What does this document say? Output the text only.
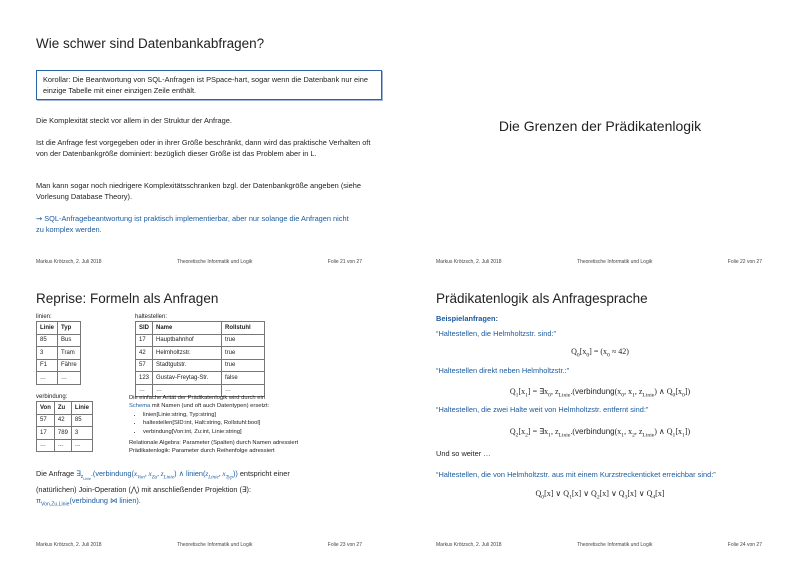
Wie schwer sind Datenbankabfragen?
Korollar: Die Beantwortung von SQL-Anfragen ist PSpace-hart, sogar wenn die Datenbank nur eine einzige Tabelle mit einer einzigen Zeile enthält.
Die Komplexität steckt vor allem in der Struktur der Anfrage.
Ist die Anfrage fest vorgegeben oder in ihrer Größe beschränkt, dann wird das praktische Verhalten oft von der Datenbankgröße dominiert: bezüglich dieser Größe ist das Problem aber in L.
Man kann sogar noch niedrigere Komplexitätsschranken bzgl. der Datenbankgröße angeben (siehe Vorlesung Database Theory).
⇝ SQL-Anfragebeantwortung ist praktisch implementierbar, aber nur solange die Anfragen nicht zu komplex werden.
Markus Krötzsch, 2. Juli 2018	Theoretische Informatik und Logik	Folie 21 von 27
Die Grenzen der Prädikatenlogik
Markus Krötzsch, 2. Juli 2018	Theoretische Informatik und Logik	Folie 22 von 27
Reprise: Formeln als Anfragen
linien:
Linie	Typ
85	Bus
3	Tram
F1	Fähre
…	…
haltestellen:
SID	Name	Rollstuhl
17	Hauptbahnhof	true
42	Helmholtzstr.	true
57	Stadtgutstr.	true
123	Gustav-Freytag-Str.	false
…	…	…
verbindung:
Von	Zu	Linie
57	42	85
17	789	3
…	…	…
Die einfache Arität der Prädikatenlogik wird durch ein
Schema mit Namen (und oft auch Datentypen) ersetzt:
• linien[Linie:string, Typ:string]
• haltestellen[SID:int, Halt:string, Rollstuhl:bool]
• verbindung[Von:int, Zu:int, Linie:string]
Relationale Algebra: Parameter (Spalten) durch Namen adressiert
Prädikatenlogik: Parameter durch Reihenfolge adressiert
Die Anfrage $\exists_{z_{Linie}}.(verbindung(x_{Von}$, $x_{Zu}$, $z_{Linie}$) ∧ $linien(z_{Linie}$, $x_{Typ}$)) entspricht einer
(natürlichen) Join-Operation (⋀) mit anschließender Projektion (∃):
$\pi_{Von,Zu,Linie}(verbindung$ ⋈ linien).
Markus Krötzsch, 2. Juli 2018	Theoretische Informatik und Logik	Folie 23 von 27
Prädikatenlogik als Anfragesprache
Beispielanfragen:
“Haltestellen, die Helmholtzstr. sind:”
$Q_0[x_0] = (x_0 \approx 42)$
“Haltestellen direkt neben Helmholtzstr.:”
$Q_1[x_1]$ = $\exists x_0$, $z_{Linie}.(verbindung(x_0$, $x_1$, $z_{Linie}$) ∧ $Q_0[x_0]$)
“Haltestellen, die zwei Halte weit von Helmholtzstr. entfernt sind:”
$Q_2[x_2]$ = $\exists x_1$, $z_{Linie}.(verbindung(x_1$, $x_2$, $z_{Linie}$) ∧ $Q_1[x_1]$)
Und so weiter …
“Haltestellen, die von Helmholtzstr. aus mit einem Kurzstreckenticket erreichbar sind:”
$Q_0[x]$ ∨ $Q_1[x]$ ∨ $Q_2[x]$ ∨ $Q_3[x]$ ∨ $Q_4[x]$
Markus Krötzsch, 2. Juli 2018	Theoretische Informatik und Logik	Folie 24 von 27
